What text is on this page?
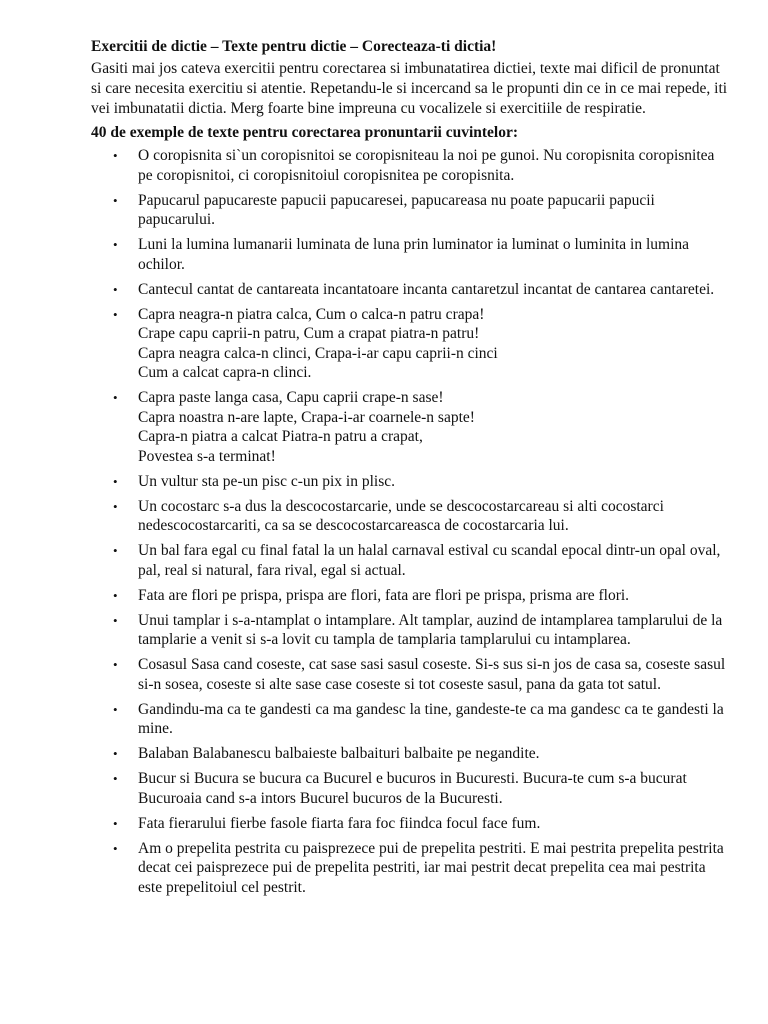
Exercitii de dictie – Texte pentru dictie – Corecteaza-ti dictia!
Gasiti mai jos cateva exercitii pentru corectarea si imbunatatirea dictiei, texte mai dificil de pronuntat si care necesita exercitiu si atentie. Repetandu-le si incercand sa le propunti din ce in ce mai repede, iti vei imbunatatii dictia. Merg foarte bine impreuna cu vocalizele si exercitiile de respiratie.
40 de exemple de texte pentru corectarea pronuntarii cuvintelor:
• O coropisnita si`un coropisnitoi se coropisniteau la noi pe gunoi. Nu coropisnita coropisnitea pe coropisnitoi, ci coropisnitoiul coropisnitea pe coropisnita.
• Papucarul papucareste papucii papucaresei, papucareasa nu poate papucarii papucii papucarului.
• Luni la lumina lumanarii luminata de luna prin luminator ia luminat o luminita in lumina ochilor.
• Cantecul cantat de cantareata incantatoare incanta cantaretzul incantat de cantarea cantaretei.
• Capra neagra-n piatra calca, Cum o calca-n patru crapa!
Crape capu caprii-n patru, Cum a crapat piatra-n patru!
Capra neagra calca-n clinci, Crapa-i-ar capu caprii-n cinci
Cum a calcat capra-n clinci.
• Capra paste langa casa, Capu caprii crape-n sase!
Capra noastra n-are lapte, Crapa-i-ar coarnele-n sapte!
Capra-n piatra a calcat Piatra-n patru a crapat,
Povestea s-a terminat!
• Un vultur sta pe-un pisc c-un pix in plisc.
• Un cocostarc s-a dus la descocostarcarie, unde se descocostarcareau si alti cocostarci nedescocostarcariti, ca sa se descocostarcareasca de cocostarcaria lui.
• Un bal fara egal cu final fatal la un halal carnaval estival cu scandal epocal dintr-un opal oval, pal, real si natural, fara rival, egal si actual.
• Fata are flori pe prispa, prispa are flori, fata are flori pe prispa, prisma are flori.
• Unui tamplar i s-a-ntamplat o intamplare. Alt tamplar, auzind de intamplarea tamplarului de la tamplarie a venit si s-a lovit cu tampla de tamplaria tamplarului cu intamplarea.
• Cosasul Sasa cand coseste, cat sase sasi sasul coseste. Si-s sus si-n jos de casa sa, coseste sasul si-n sosea, coseste si alte sase case coseste si tot coseste sasul, pana da gata tot satul.
• Gandindu-ma ca te gandesti ca ma gandesc la tine, gandeste-te ca ma gandesc ca te gandesti la mine.
• Balaban Balabanescu balbaieste balbaituri balbaite pe negandite.
• Bucur si Bucura se bucura ca Bucurel e bucuros in Bucuresti. Bucura-te cum s-a bucurat Bucuroaia cand s-a intors Bucurel bucuros de la Bucuresti.
• Fata fierarului fierbe fasole fiarta fara foc fiindca focul face fum.
• Am o prepelita pestrita cu paisprezece pui de prepelita pestriti. E mai pestrita prepelita pestrita decat cei paisprezece pui de prepelita pestriti, iar mai pestrit decat prepelita cea mai pestrita este prepelitoiul cel pestrit.
